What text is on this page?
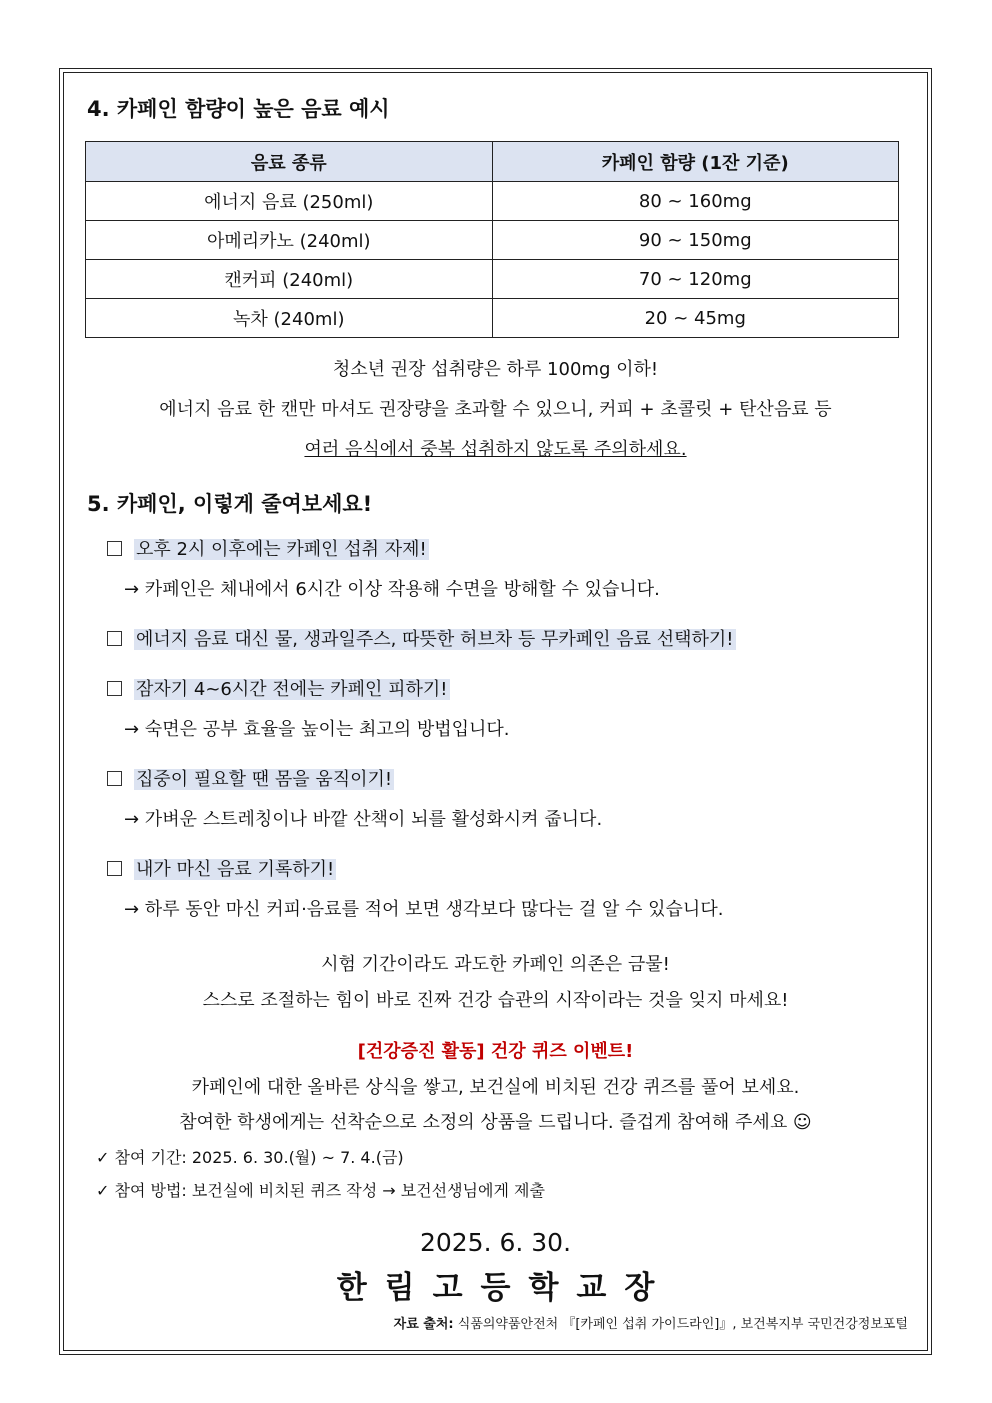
4. 카페인 함량이 높은 음료 예시
음료 종류	카페인 함량 (1잔 기준)
에너지 음료 (250ml)	80 ~ 160mg
아메리카노 (240ml)	90 ~ 150mg
캔커피 (240ml)	70 ~ 120mg
녹차 (240ml)	20 ~ 45mg
청소년 권장 섭취량은 하루 100mg 이하!
에너지 음료 한 캔만 마셔도 권장량을 초과할 수 있으니, 커피 + 초콜릿 + 탄산음료 등
여러 음식에서 중복 섭취하지 않도록 주의하세요.
5. 카페인, 이렇게 줄여보세요!
오후 2시 이후에는 카페인 섭취 자제!
→ 카페인은 체내에서 6시간 이상 작용해 수면을 방해할 수 있습니다.
에너지 음료 대신 물, 생과일주스, 따뜻한 허브차 등 무카페인 음료 선택하기!
잠자기 4~6시간 전에는 카페인 피하기!
→ 숙면은 공부 효율을 높이는 최고의 방법입니다.
집중이 필요할 땐 몸을 움직이기!
→ 가벼운 스트레칭이나 바깥 산책이 뇌를 활성화시켜 줍니다.
내가 마신 음료 기록하기!
→ 하루 동안 마신 커피·음료를 적어 보면 생각보다 많다는 걸 알 수 있습니다.
시험 기간이라도 과도한 카페인 의존은 금물!
스스로 조절하는 힘이 바로 진짜 건강 습관의 시작이라는 것을 잊지 마세요!
[건강증진 활동] 건강 퀴즈 이벤트!
카페인에 대한 올바른 상식을 쌓고, 보건실에 비치된 건강 퀴즈를 풀어 보세요.
참여한 학생에게는 선착순으로 소정의 상품을 드립니다. 즐겁게 참여해 주세요 ☺
✓ 참여 기간: 2025. 6. 30.(월) ~ 7. 4.(금)
✓ 참여 방법: 보건실에 비치된 퀴즈 작성 → 보건선생님에게 제출
2025. 6. 30.
한림고등학교장
자료 출처: 식품의약품안전처 『[카페인 섭취 가이드라인]』, 보건복지부 국민건강정보포털
